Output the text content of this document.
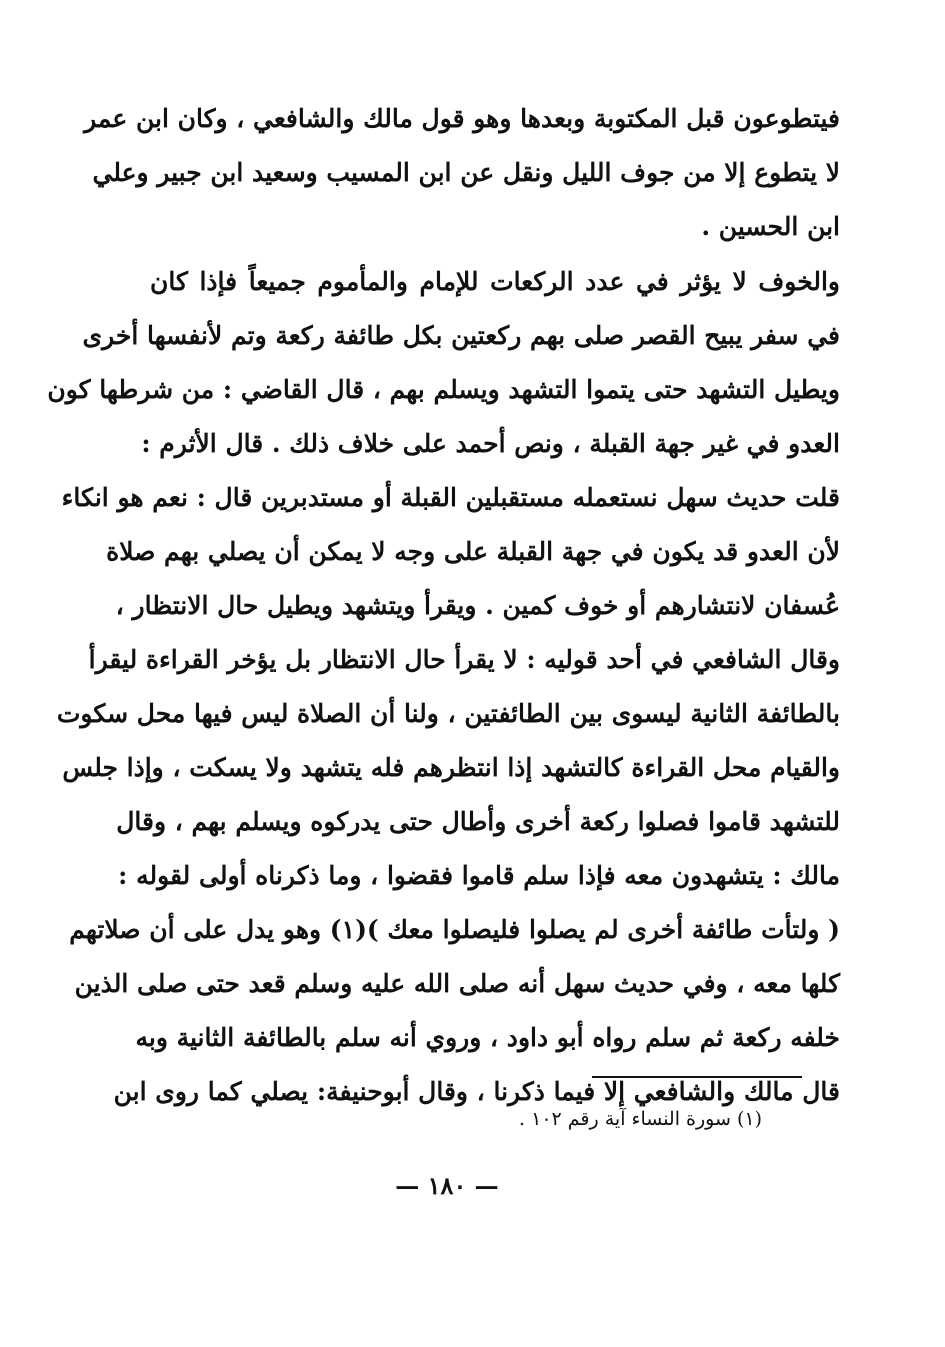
فيتطوعون قبل المكتوبة وبعدها وهو قول مالك والشافعي ، وكان ابن عمر
لا يتطوع إلا من جوف الليل ونقل عن ابن المسيب وسعيد ابن جبير وعلي
ابن الحسين .
والخوف لا يؤثر في عدد الركعات للإمام والمأموم جميعاً فإذا كان
في سفر يبيح القصر صلى بهم ركعتين بكل طائفة ركعة وتم لأنفسها أخرى
ويطيل التشهد حتى يتموا التشهد ويسلم بهم ، قال القاضي : من شرطها كون
العدو في غير جهة القبلة ، ونص أحمد على خلاف ذلك . قال الأثرم :
قلت حديث سهل نستعمله مستقبلين القبلة أو مستدبرين قال : نعم هو انكاء
لأن العدو قد يكون في جهة القبلة على وجه لا يمكن أن يصلي بهم صلاة
عُسفان لانتشارهم أو خوف كمين . ويقرأ ويتشهد ويطيل حال الانتظار ،
وقال الشافعي في أحد قوليه : لا يقرأ حال الانتظار بل يؤخر القراءة ليقرأ
بالطائفة الثانية ليسوى بين الطائفتين ، ولنا أن الصلاة ليس فيها محل سكوت
والقيام محل القراءة كالتشهد إذا انتظرهم فله يتشهد ولا يسكت ، وإذا جلس
للتشهد قاموا فصلوا ركعة أخرى وأطال حتى يدركوه ويسلم بهم ، وقال
مالك : يتشهدون معه فإذا سلم قاموا فقضوا ، وما ذكرناه أولى لقوله :
( ولتأت طائفة أخرى لم يصلوا فليصلوا معك )(١) وهو يدل على أن صلاتهم
كلها معه ، وفي حديث سهل أنه صلى الله عليه وسلم قعد حتى صلى الذين
خلفه ركعة ثم سلم رواه أبو داود ، وروي أنه سلم بالطائفة الثانية وبه
قال مالك والشافعي إلا فيما ذكرنا ، وقال أبوحنيفة: يصلي كما روى ابن
(١) سورة النساء آية رقم ١٠٢ .
— ١٨٠ —
